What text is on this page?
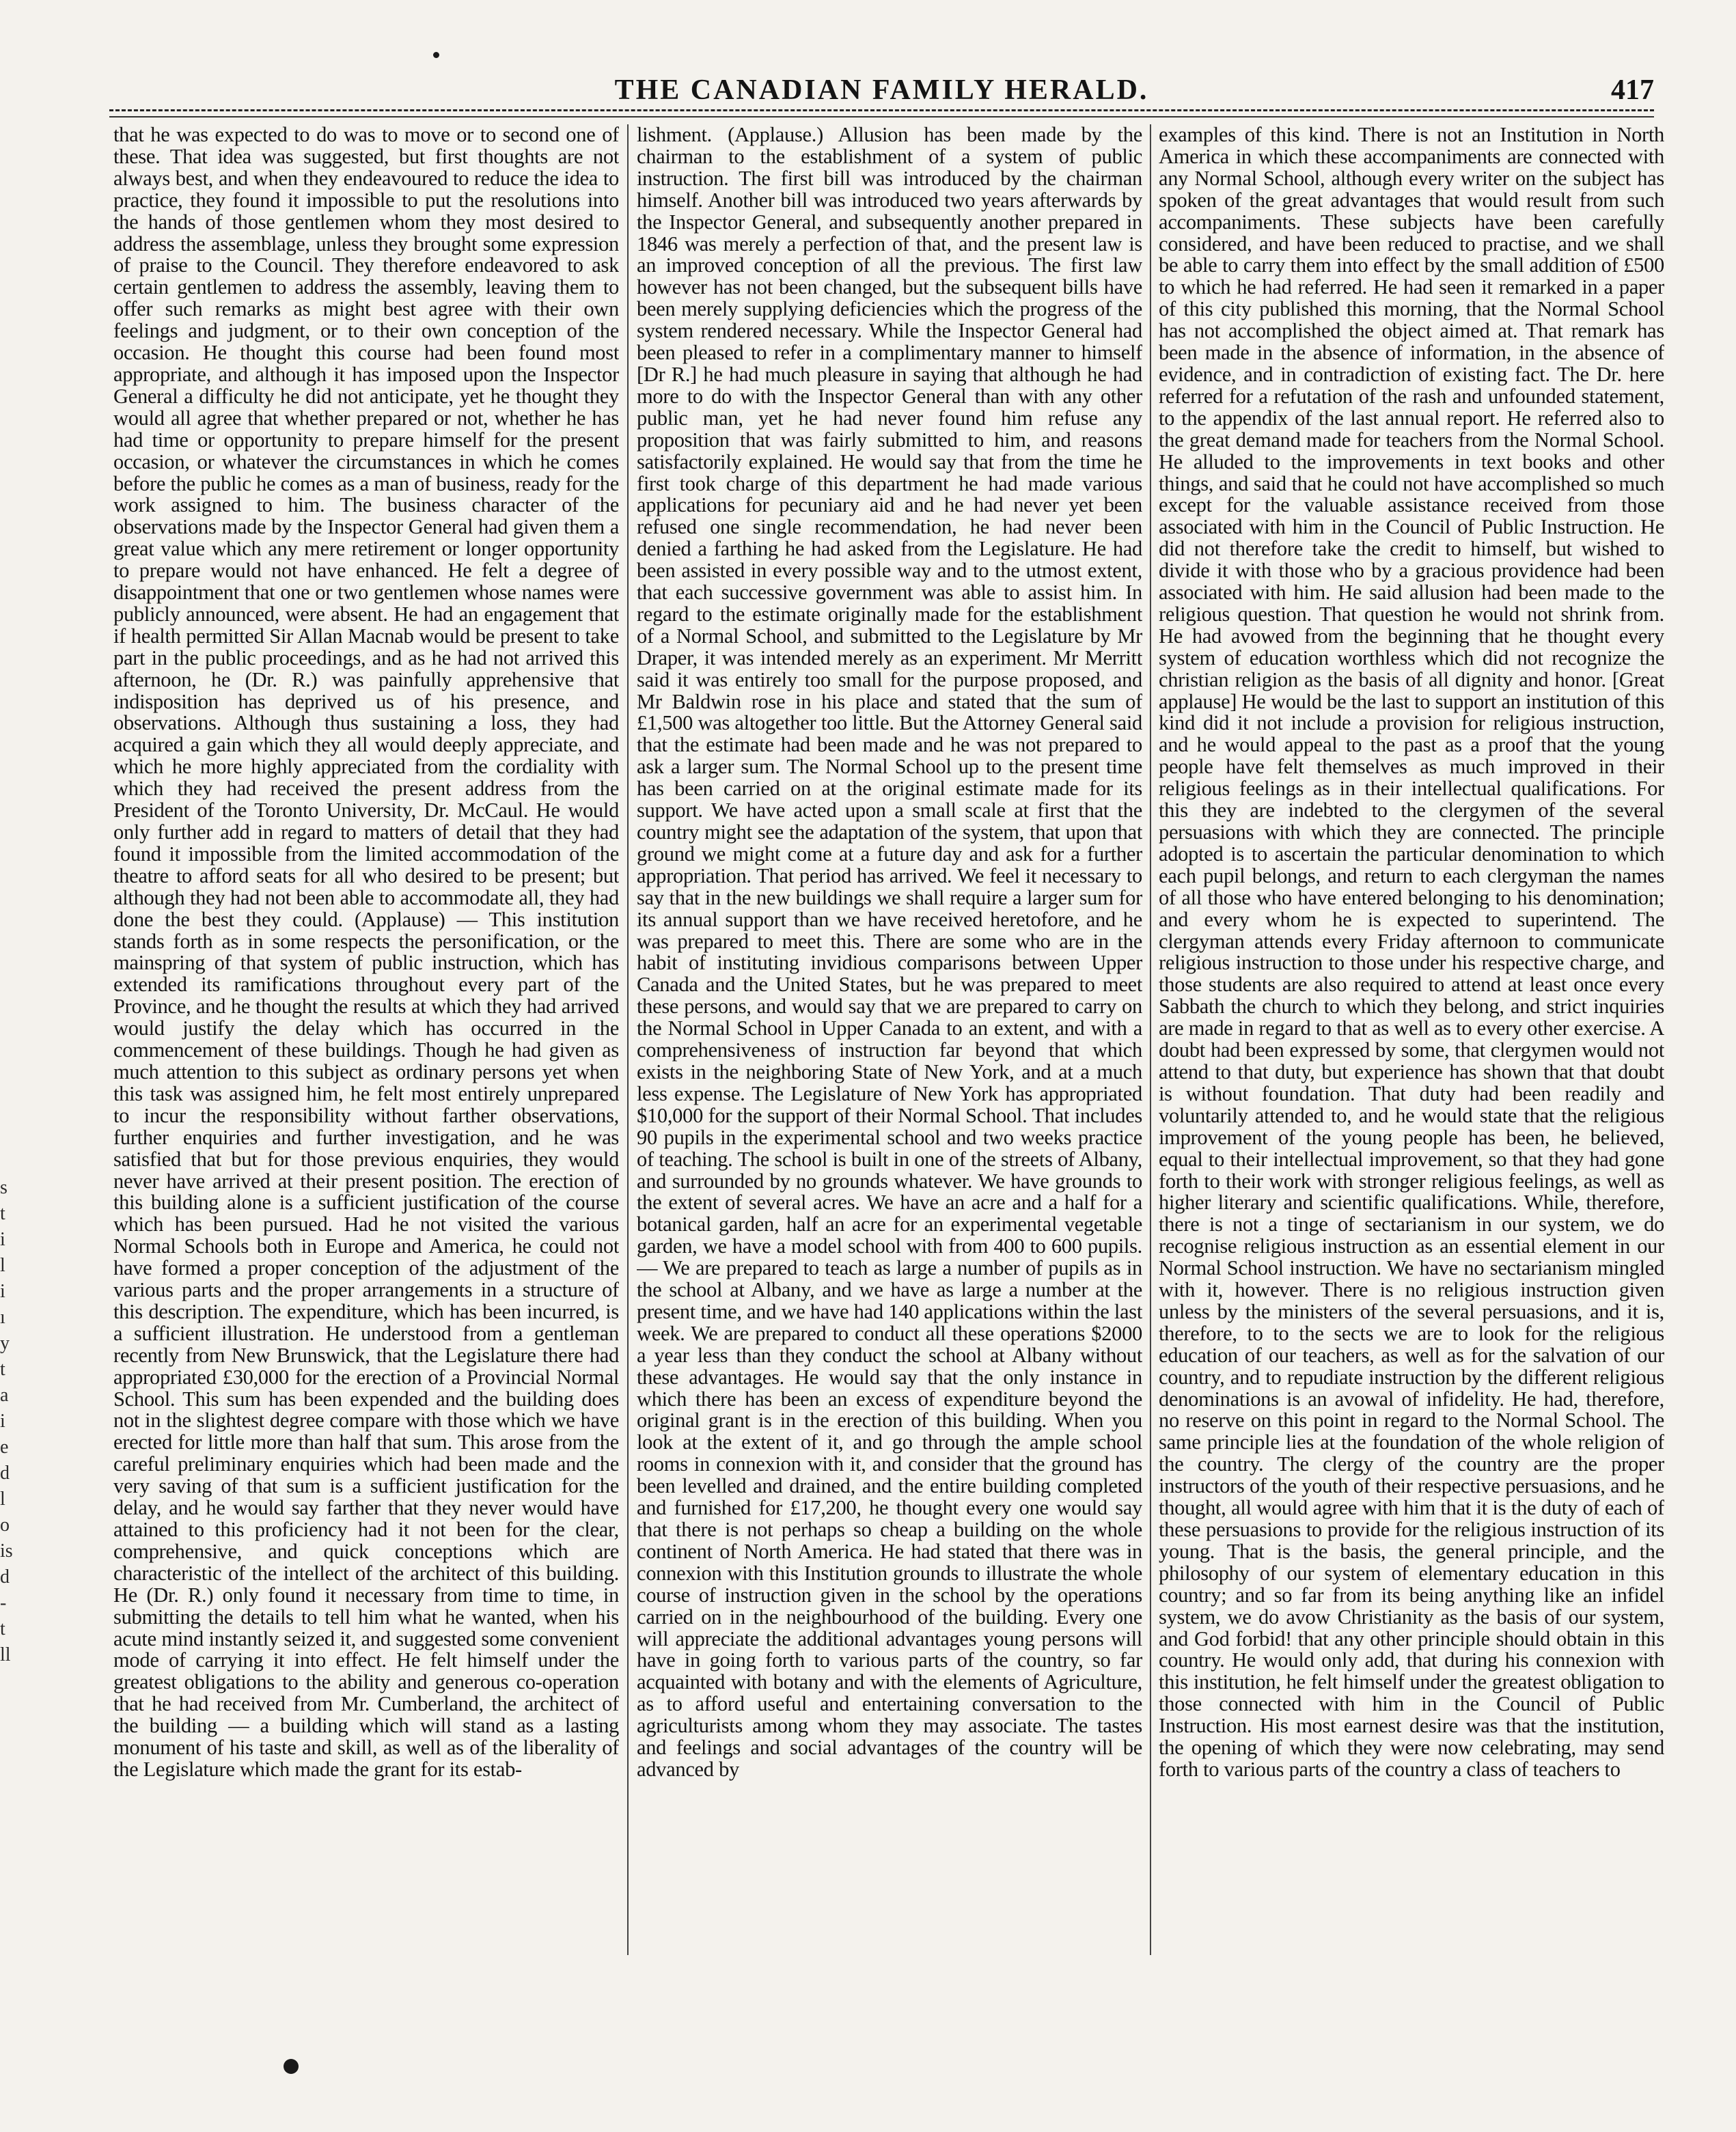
THE CANADIAN FAMILY HERALD.	417
s
t
i
l
i
ı
y
t
a
i
e
d
l
o
is
d
-
t
ll

that he was expected to do was to move or to second one of these. That idea was suggested, but first thoughts are not always best, and when they endeavoured to reduce the idea to practice, they found it impossible to put the resolutions into the hands of those gentlemen whom they most desired to address the assemblage, unless they brought some expression of praise to the Council. They therefore endeavored to ask certain gentlemen to address the assembly, leaving them to offer such remarks as might best agree with their own feelings and judgment, or to their own conception of the occasion. He thought this course had been found most appropriate, and although it has imposed upon the Inspector General a difficulty he did not anticipate, yet he thought they would all agree that whether prepared or not, whether he has had time or opportunity to prepare himself for the present occasion, or whatever the circumstances in which he comes before the public he comes as a man of business, ready for the work assigned to him. The business character of the observations made by the Inspector General had given them a great value which any mere retirement or longer opportunity to prepare would not have enhanced. He felt a degree of disappointment that one or two gentlemen whose names were publicly announced, were absent. He had an engagement that if health permitted Sir Allan Macnab would be present to take part in the public proceedings, and as he had not arrived this afternoon, he (Dr. R.) was painfully apprehensive that indisposition has deprived us of his presence, and observations. Although thus sustaining a loss, they had acquired a gain which they all would deeply appreciate, and which he more highly appreciated from the cordiality with which they had received the present address from the President of the Toronto University, Dr. McCaul. He would only further add in regard to matters of detail that they had found it impossible from the limited accommodation of the theatre to afford seats for all who desired to be present; but although they had not been able to accommodate all, they had done the best they could. (Applause) — This institution stands forth as in some respects the personification, or the mainspring of that system of public instruction, which has extended its ramifications throughout every part of the Province, and he thought the results at which they had arrived would justify the delay which has occurred in the commencement of these buildings. Though he had given as much attention to this subject as ordinary persons yet when this task was assigned him, he felt most entirely unprepared to incur the responsibility without farther observations, further enquiries and further investigation, and he was satisfied that but for those previous enquiries, they would never have arrived at their present position. The erection of this building alone is a sufficient justification of the course which has been pursued. Had he not visited the various Normal Schools both in Europe and America, he could not have formed a proper conception of the adjustment of the various parts and the proper arrangements in a structure of this description. The expenditure, which has been incurred, is a sufficient illustration. He understood from a gentleman recently from New Brunswick, that the Legislature there had appropriated £30,000 for the erection of a Provincial Normal School. This sum has been expended and the building does not in the slightest degree compare with those which we have erected for little more than half that sum. This arose from the careful preliminary enquiries which had been made and the very saving of that sum is a sufficient justification for the delay, and he would say farther that they never would have attained to this proficiency had it not been for the clear, comprehensive, and quick conceptions which are characteristic of the intellect of the architect of this building. He (Dr. R.) only found it necessary from time to time, in submitting the details to tell him what he wanted, when his acute mind instantly seized it, and suggested some convenient mode of carrying it into effect. He felt himself under the greatest obligations to the ability and generous co-operation that he had received from Mr. Cumberland, the architect of the building — a building which will stand as a lasting monument of his taste and skill, as well as of the liberality of the Legislature which made the grant for its estab-

lishment. (Applause.) Allusion has been made by the chairman to the establishment of a system of public instruction. The first bill was introduced by the chairman himself. Another bill was introduced two years afterwards by the Inspector General, and subsequently another prepared in 1846 was merely a perfection of that, and the present law is an improved conception of all the previous. The first law however has not been changed, but the subsequent bills have been merely supplying deficiencies which the progress of the system rendered necessary. While the Inspector General had been pleased to refer in a complimentary manner to himself [Dr R.] he had much pleasure in saying that although he had more to do with the Inspector General than with any other public man, yet he had never found him refuse any proposition that was fairly submitted to him, and reasons satisfactorily explained. He would say that from the time he first took charge of this department he had made various applications for pecuniary aid and he had never yet been refused one single recommendation, he had never been denied a farthing he had asked from the Legislature. He had been assisted in every possible way and to the utmost extent, that each successive government was able to assist him. In regard to the estimate originally made for the establishment of a Normal School, and submitted to the Legislature by Mr Draper, it was intended merely as an experiment. Mr Merritt said it was entirely too small for the purpose proposed, and Mr Baldwin rose in his place and stated that the sum of £1,500 was altogether too little. But the Attorney General said that the estimate had been made and he was not prepared to ask a larger sum. The Normal School up to the present time has been carried on at the original estimate made for its support. We have acted upon a small scale at first that the country might see the adaptation of the system, that upon that ground we might come at a future day and ask for a further appropriation. That period has arrived. We feel it necessary to say that in the new buildings we shall require a larger sum for its annual support than we have received heretofore, and he was prepared to meet this. There are some who are in the habit of instituting invidious comparisons between Upper Canada and the United States, but he was prepared to meet these persons, and would say that we are prepared to carry on the Normal School in Upper Canada to an extent, and with a comprehensiveness of instruction far beyond that which exists in the neighboring State of New York, and at a much less expense. The Legislature of New York has appropriated $10,000 for the support of their Normal School. That includes 90 pupils in the experimental school and two weeks practice of teaching. The school is built in one of the streets of Albany, and surrounded by no grounds whatever. We have grounds to the extent of several acres. We have an acre and a half for a botanical garden, half an acre for an experimental vegetable garden, we have a model school with from 400 to 600 pupils.— We are prepared to teach as large a number of pupils as in the school at Albany, and we have as large a number at the present time, and we have had 140 applications within the last week. We are prepared to conduct all these operations $2000 a year less than they conduct the school at Albany without these advantages. He would say that the only instance in which there has been an excess of expenditure beyond the original grant is in the erection of this building. When you look at the extent of it, and go through the ample school rooms in connexion with it, and consider that the ground has been levelled and drained, and the entire building completed and furnished for £17,200, he thought every one would say that there is not perhaps so cheap a building on the whole continent of North America. He had stated that there was in connexion with this Institution grounds to illustrate the whole course of instruction given in the school by the operations carried on in the neighbourhood of the building. Every one will appreciate the additional advantages young persons will have in going forth to various parts of the country, so far acquainted with botany and with the elements of Agriculture, as to afford useful and entertaining conversation to the agriculturists among whom they may associate. The tastes and feelings and social advantages of the country will be advanced by

examples of this kind. There is not an Institution in North America in which these accompaniments are connected with any Normal School, although every writer on the subject has spoken of the great advantages that would result from such accompaniments. These subjects have been carefully considered, and have been reduced to practise, and we shall be able to carry them into effect by the small addition of £500 to which he had referred. He had seen it remarked in a paper of this city published this morning, that the Normal School has not accomplished the object aimed at. That remark has been made in the absence of information, in the absence of evidence, and in contradiction of existing fact. The Dr. here referred for a refutation of the rash and unfounded statement, to the appendix of the last annual report. He referred also to the great demand made for teachers from the Normal School. He alluded to the improvements in text books and other things, and said that he could not have accomplished so much except for the valuable assistance received from those associated with him in the Council of Public Instruction. He did not therefore take the credit to himself, but wished to divide it with those who by a gracious providence had been associated with him. He said allusion had been made to the religious question. That question he would not shrink from. He had avowed from the beginning that he thought every system of education worthless which did not recognize the christian religion as the basis of all dignity and honor. [Great applause] He would be the last to support an institution of this kind did it not include a provision for religious instruction, and he would appeal to the past as a proof that the young people have felt themselves as much improved in their religious feelings as in their intellectual qualifications. For this they are indebted to the clergymen of the several persuasions with which they are connected. The principle adopted is to ascertain the particular denomination to which each pupil belongs, and return to each clergyman the names of all those who have entered belonging to his denomination; and every whom he is expected to superintend. The clergyman attends every Friday afternoon to communicate religious instruction to those under his respective charge, and those students are also required to attend at least once every Sabbath the church to which they belong, and strict inquiries are made in regard to that as well as to every other exercise. A doubt had been expressed by some, that clergymen would not attend to that duty, but experience has shown that that doubt is without foundation. That duty had been readily and voluntarily attended to, and he would state that the religious improvement of the young people has been, he believed, equal to their intellectual improvement, so that they had gone forth to their work with stronger religious feelings, as well as higher literary and scientific qualifications. While, therefore, there is not a tinge of sectarianism in our system, we do recognise religious instruction as an essential element in our Normal School instruction. We have no sectarianism mingled with it, however. There is no religious instruction given unless by the ministers of the several persuasions, and it is, therefore, to to the sects we are to look for the religious education of our teachers, as well as for the salvation of our country, and to repudiate instruction by the different religious denominations is an avowal of infidelity. He had, therefore, no reserve on this point in regard to the Normal School. The same principle lies at the foundation of the whole religion of the country. The clergy of the country are the proper instructors of the youth of their respective persuasions, and he thought, all would agree with him that it is the duty of each of these persuasions to provide for the religious instruction of its young. That is the basis, the general principle, and the philosophy of our system of elementary education in this country; and so far from its being anything like an infidel system, we do avow Christianity as the basis of our system, and God forbid! that any other principle should obtain in this country. He would only add, that during his connexion with this institution, he felt himself under the greatest obligation to those connected with him in the Council of Public Instruction. His most earnest desire was that the institution, the opening of which they were now celebrating, may send forth to various parts of the country a class of teachers to
